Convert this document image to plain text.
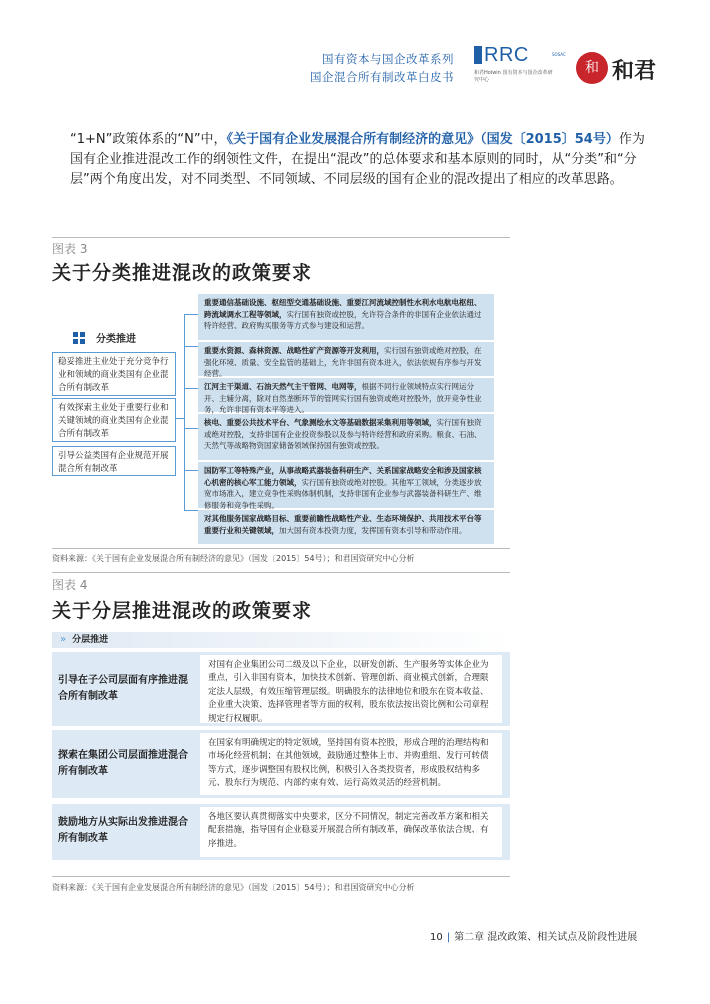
国有资本与国企改革系列
国企混合所有制改革白皮书
RRC
和君Holwin 国有资本与国企改革研究中心
SOSAC
和 和君
“1+N”政策体系的“N”中，《关于国有企业发展混合所有制经济的意见》（国发〔2015〕54号）作为国有企业推进混改工作的纲领性文件，在提出“混改”的总体要求和基本原则的同时，从“分类”和“分层”两个角度出发，对不同类型、不同领域、不同层级的国有企业的混改提出了相应的改革思路。
图表 3
关于分类推进混改的政策要求

分类推进
稳妥推进主业处于充分竞争行业和领域的商业类国有企业混合所有制改革
有效探索主业处于重要行业和关键领域的商业类国有企业混合所有制改革
引导公益类国有企业规范开展混合所有制改革
重要通信基础设施、枢纽型交通基础设施、重要江河流域控制性水利水电航电枢纽、跨流域调水工程等领域，实行国有独资或控股，允许符合条件的非国有企业依法通过特许经营、政府购买服务等方式参与建设和运营。
重要水资源、森林资源、战略性矿产资源等开发利用，实行国有独资或绝对控股，在强化环境、质量、安全监管的基础上，允许非国有资本进入，依法依规有序参与开发经营。
江河主干渠道、石油天然气主干管网、电网等，根据不同行业领域特点实行网运分开、主辅分离，除对自然垄断环节的管网实行国有独资或绝对控股外，放开竞争性业务，允许非国有资本平等进入。
核电、重要公共技术平台、气象测绘水文等基础数据采集利用等领域，实行国有独资或绝对控股，支持非国有企业投资参股以及参与特许经营和政府采购。粮食、石油、天然气等战略物资国家储备领域保持国有独资或控股。
国防军工等特殊产业，从事战略武器装备科研生产、关系国家战略安全和涉及国家核心机密的核心军工能力领域，实行国有独资或绝对控股。其他军工领域，分类逐步放宽市场准入，建立竞争性采购体制机制，支持非国有企业参与武器装备科研生产、维修服务和竞争性采购。
对其他服务国家战略目标、重要前瞻性战略性产业、生态环境保护、共用技术平台等重要行业和关键领域，加大国有资本投资力度，发挥国有资本引导和带动作用。
资料来源：《关于国有企业发展混合所有制经济的意见》（国发〔2015〕54号）；和君国资研究中心分析
图表 4
关于分层推进混改的政策要求
» 分层推进
引导在子公司层面有序推进混合所有制改革
对国有企业集团公司二级及以下企业，以研发创新、生产服务等实体企业为重点，引入非国有资本，加快技术创新、管理创新、商业模式创新，合理限定法人层级，有效压缩管理层级。明确股东的法律地位和股东在资本收益、企业重大决策、选择管理者等方面的权利，股东依法按出资比例和公司章程规定行权履职。
探索在集团公司层面推进混合所有制改革
在国家有明确规定的特定领域，坚持国有资本控股，形成合理的治理结构和市场化经营机制；在其他领域，鼓励通过整体上市、并购重组、发行可转债等方式，逐步调整国有股权比例，积极引入各类投资者，形成股权结构多元、股东行为规范、内部约束有效、运行高效灵活的经营机制。
鼓励地方从实际出发推进混合所有制改革
各地区要认真贯彻落实中央要求，区分不同情况，制定完善改革方案和相关配套措施，指导国有企业稳妥开展混合所有制改革，确保改革依法合规、有序推进。
资料来源：《关于国有企业发展混合所有制经济的意见》（国发〔2015〕54号）；和君国资研究中心分析
10 | 第二章 混改政策、相关试点及阶段性进展
